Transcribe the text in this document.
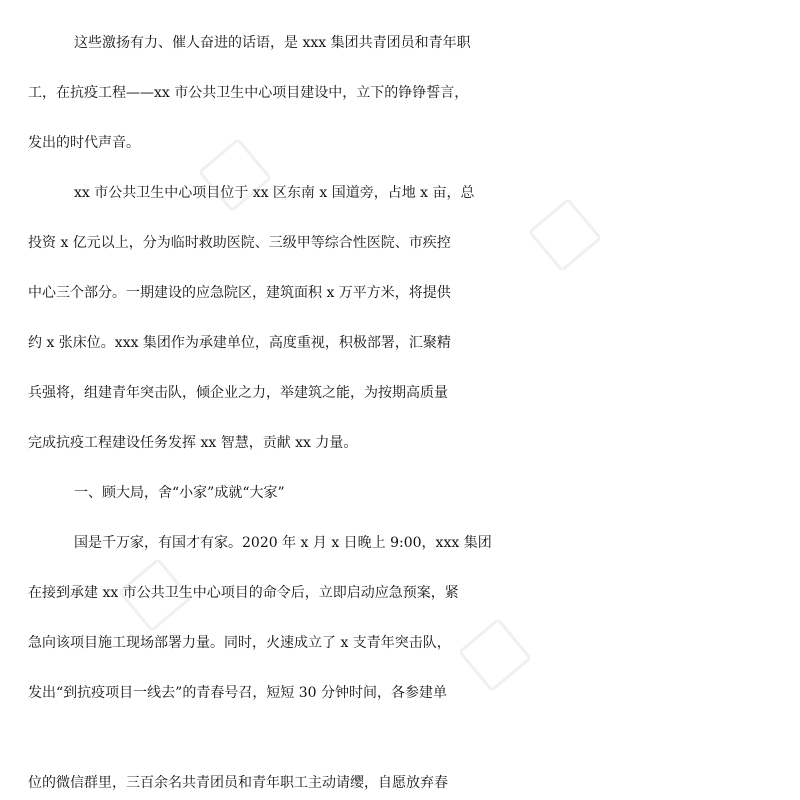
这些激扬有力、催人奋进的话语，是 xxx 集团共青团员和青年职
工，在抗疫工程——xx 市公共卫生中心项目建设中，立下的铮铮誓言，
发出的时代声音。
xx 市公共卫生中心项目位于 xx 区东南 x 国道旁，占地 x 亩，总
投资 x 亿元以上，分为临时救助医院、三级甲等综合性医院、市疾控
中心三个部分。一期建设的应急院区，建筑面积 x 万平方米，将提供
约 x 张床位。xxx 集团作为承建单位，高度重视，积极部署，汇聚精
兵强将，组建青年突击队，倾企业之力，举建筑之能，为按期高质量
完成抗疫工程建设任务发挥 xx 智慧，贡献 xx 力量。
一、顾大局，舍“小家”成就“大家”
国是千万家，有国才有家。2020 年 x 月 x 日晚上 9:00，xxx 集团
在接到承建 xx 市公共卫生中心项目的命令后，立即启动应急预案，紧
急向该项目施工现场部署力量。同时，火速成立了 x 支青年突击队，
发出“到抗疫项目一线去”的青春号召，短短 30 分钟时间，各参建单
位的微信群里，三百余名共青团员和青年职工主动请缨，自愿放弃春
